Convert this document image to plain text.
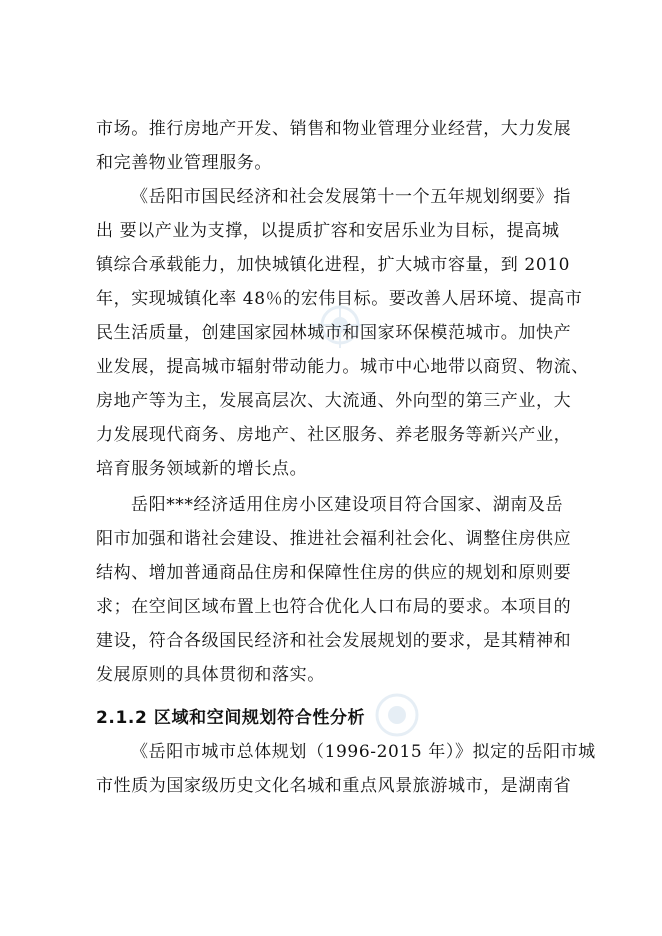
市场。推行房地产开发、销售和物业管理分业经营，大力发展
和完善物业管理服务。
《岳阳市国民经济和社会发展第十一个五年规划纲要》指
出 要以产业为支撑，以提质扩容和安居乐业为目标，提高城
镇综合承载能力，加快城镇化进程，扩大城市容量，到 2010
年，实现城镇化率 48％的宏伟目标。要改善人居环境、提高市
民生活质量，创建国家园林城市和国家环保模范城市。加快产
业发展，提高城市辐射带动能力。城市中心地带以商贸、物流、
房地产等为主，发展高层次、大流通、外向型的第三产业，大
力发展现代商务、房地产、社区服务、养老服务等新兴产业，
培育服务领域新的增长点。
岳阳***经济适用住房小区建设项目符合国家、湖南及岳
阳市加强和谐社会建设、推进社会福利社会化、调整住房供应
结构、增加普通商品住房和保障性住房的供应的规划和原则要
求；在空间区域布置上也符合优化人口布局的要求。本项目的
建设，符合各级国民经济和社会发展规划的要求，是其精神和
发展原则的具体贯彻和落实。
2.1.2 区域和空间规划符合性分析
《岳阳市城市总体规划（1996-2015 年）》拟定的岳阳市城
市性质为国家级历史文化名城和重点风景旅游城市，是湖南省
